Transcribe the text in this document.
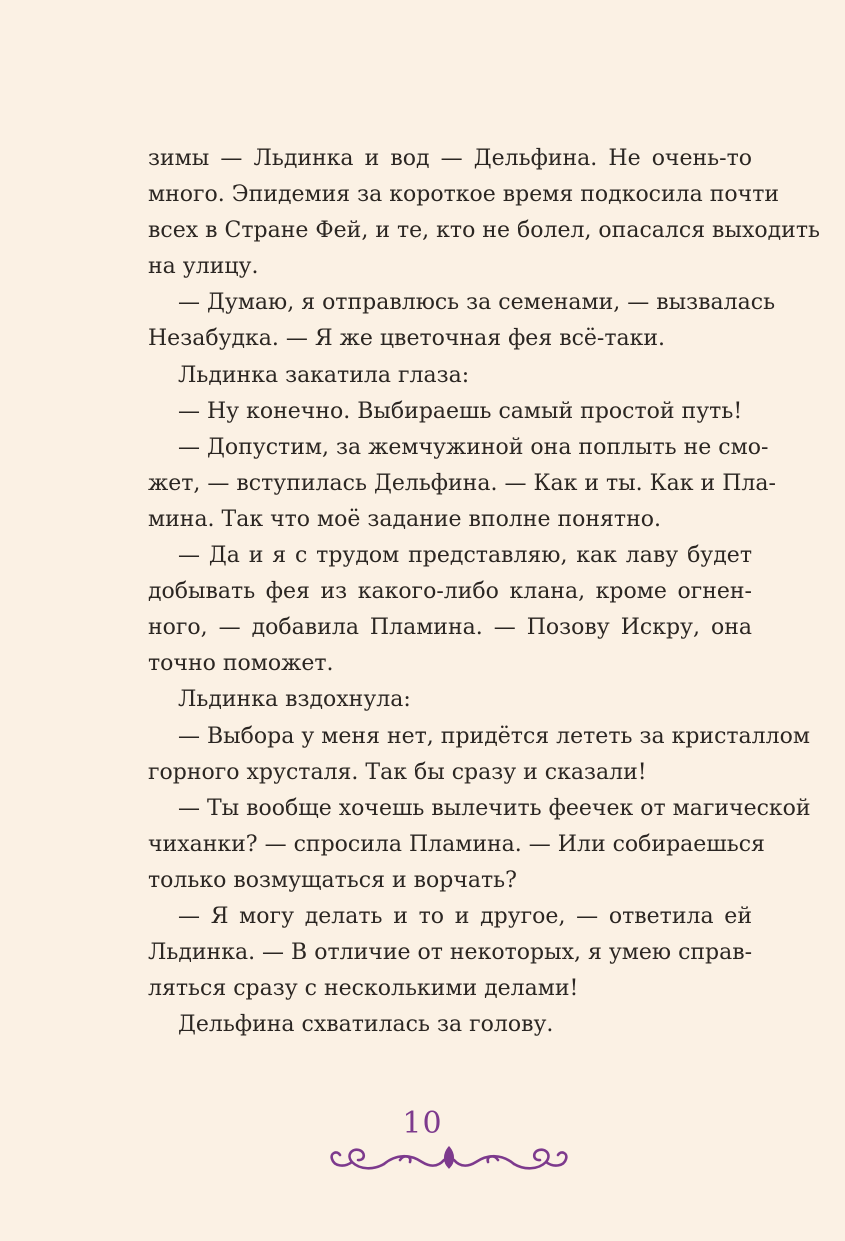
зимы — Льдинка и вод — Дельфина. Не очень-то
много. Эпидемия за короткое время подкосила почти
всех в Стране Фей, и те, кто не болел, опасался выходить
на улицу.
— Думаю, я отправлюсь за семенами, — вызвалась
Незабудка. — Я же цветочная фея всё-таки.
Льдинка закатила глаза:
— Ну конечно. Выбираешь самый простой путь!
— Допустим, за жемчужиной она поплыть не смо-
жет, — вступилась Дельфина. — Как и ты. Как и Пла-
мина. Так что моё задание вполне понятно.
— Да и я с трудом представляю, как лаву будет
добывать фея из какого-либо клана, кроме огнен-
ного, — добавила Пламина. — Позову Искру, она
точно поможет.
Льдинка вздохнула:
— Выбора у меня нет, придётся лететь за кристаллом
горного хрусталя. Так бы сразу и сказали!
— Ты вообще хочешь вылечить феечек от магической
чиханки? — спросила Пламина. — Или собираешься
только возмущаться и ворчать?
— Я могу делать и то и другое, — ответила ей
Льдинка. — В отличие от некоторых, я умею справ-
ляться сразу с несколькими делами!
Дельфина схватилась за голову.
10
